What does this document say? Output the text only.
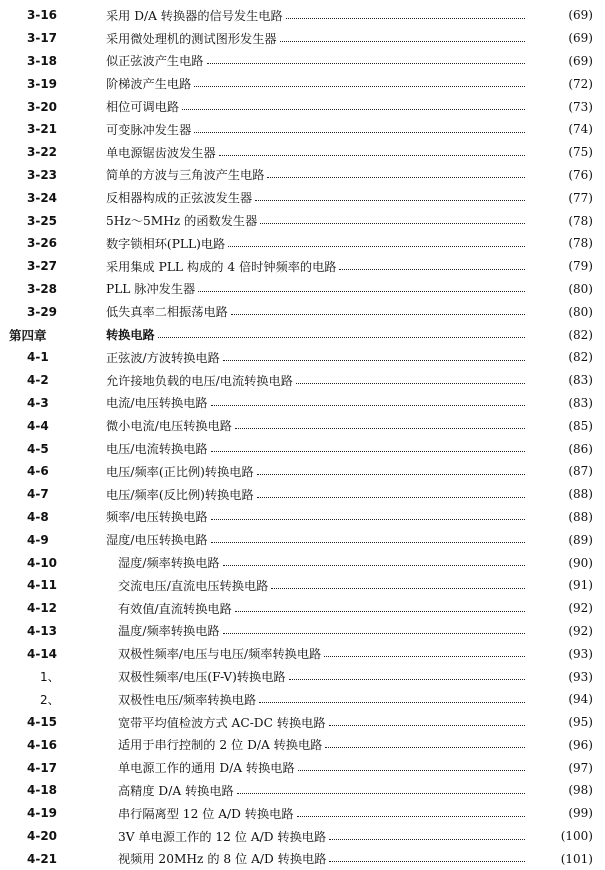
3-16	采用 D/A 转换器的信号发生电路	(69)
3-17	采用微处理机的测试图形发生器	(69)
3-18	似正弦波产生电路	(69)
3-19	阶梯波产生电路	(72)
3-20	相位可调电路	(73)
3-21	可变脉冲发生器	(74)
3-22	单电源锯齿波发生器	(75)
3-23	简单的方波与三角波产生电路	(76)
3-24	反相器构成的正弦波发生器	(77)
3-25	5Hz～5MHz 的函数发生器	(78)
3-26	数字锁相环(PLL)电路	(78)
3-27	采用集成 PLL 构成的 4 倍时钟频率的电路	(79)
3-28	PLL 脉冲发生器	(80)
3-29	低失真率二相振荡电路	(80)
第四章	转换电路	(82)
4-1	正弦波/方波转换电路	(82)
4-2	允许接地负载的电压/电流转换电路	(83)
4-3	电流/电压转换电路	(83)
4-4	微小电流/电压转换电路	(85)
4-5	电压/电流转换电路	(86)
4-6	电压/频率(正比例)转换电路	(87)
4-7	电压/频率(反比例)转换电路	(88)
4-8	频率/电压转换电路	(88)
4-9	湿度/电压转换电路	(89)
4-10	湿度/频率转换电路	(90)
4-11	交流电压/直流电压转换电路	(91)
4-12	有效值/直流转换电路	(92)
4-13	温度/频率转换电路	(92)
4-14	双极性频率/电压与电压/频率转换电路	(93)
1、	双极性频率/电压(F-V)转换电路	(93)
2、	双极性电压/频率转换电路	(94)
4-15	宽带平均值检波方式 AC-DC 转换电路	(95)
4-16	适用于串行控制的 2 位 D/A 转换电路	(96)
4-17	单电源工作的通用 D/A 转换电路	(97)
4-18	高精度 D/A 转换电路	(98)
4-19	串行隔离型 12 位 A/D 转换电路	(99)
4-20	3V 单电源工作的 12 位 A/D 转换电路	(100)
4-21	视频用 20MHz 的 8 位 A/D 转换电路	(101)
